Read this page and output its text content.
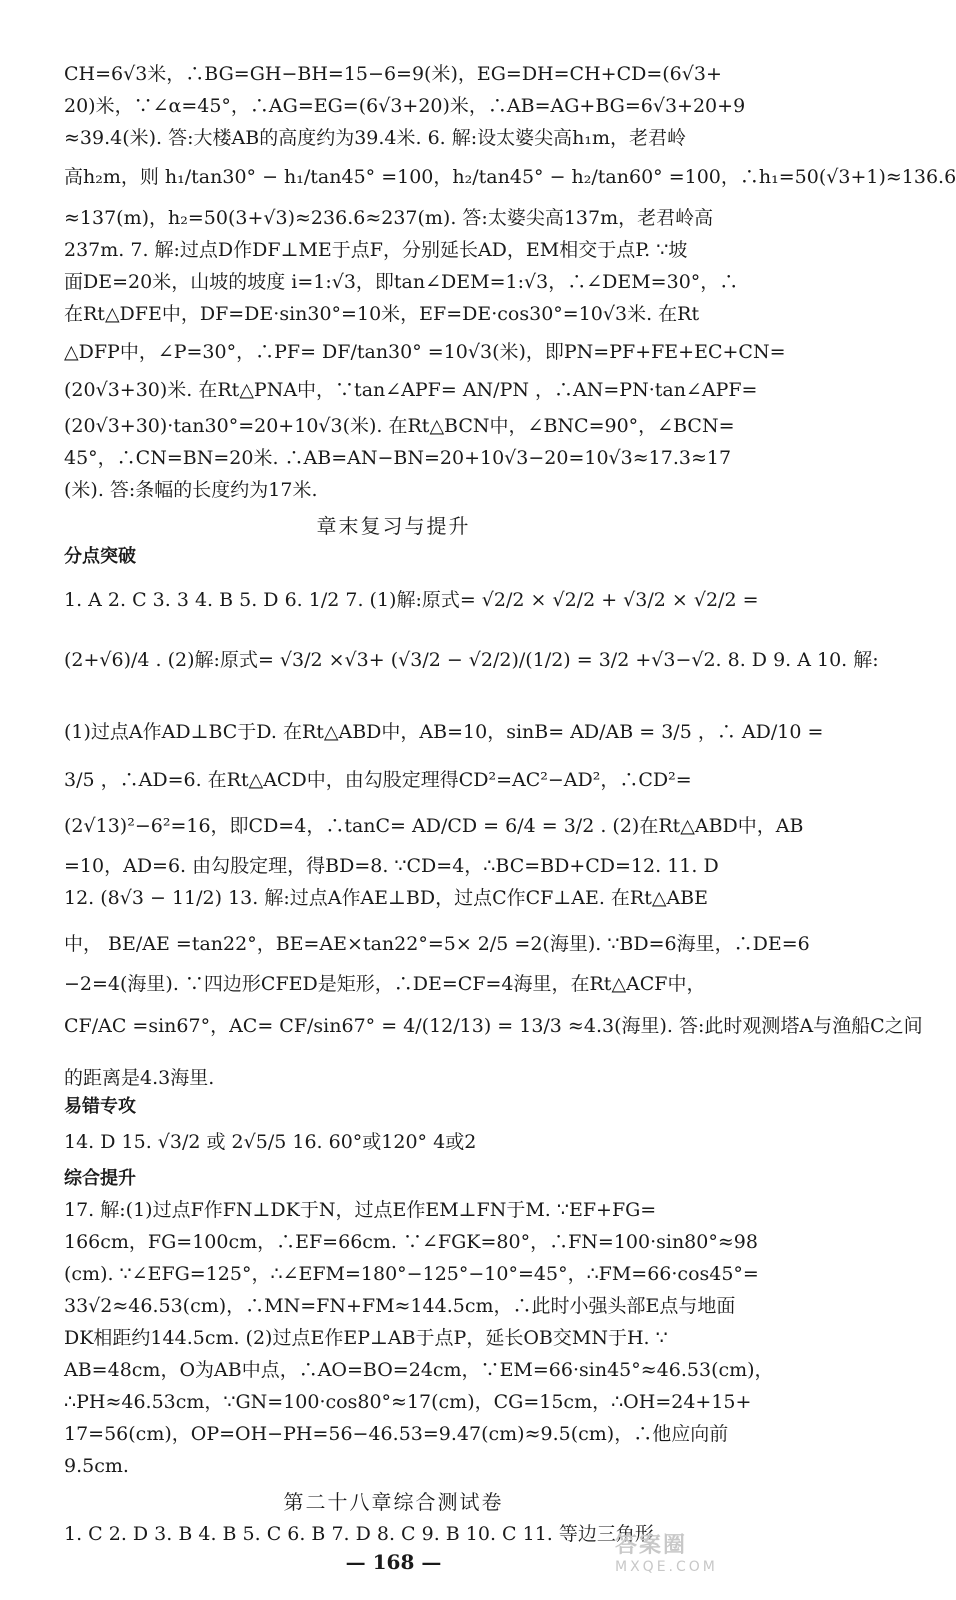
CH=6√3米，∴BG=GH−BH=15−6=9(米)，EG=DH=CH+CD=(6√3+
20)米，∵∠α=45°，∴AG=EG=(6√3+20)米，∴AB=AG+BG=6√3+20+9
≈39.4(米). 答:大楼AB的高度约为39.4米. 6. 解:设太婆尖高h₁m，老君岭
高h₂m，则 h₁/tan30° − h₁/tan45° =100，h₂/tan45° − h₂/tan60° =100，∴h₁=50(√3+1)≈136.6
≈137(m)，h₂=50(3+√3)≈236.6≈237(m). 答:太婆尖高137m，老君岭高
237m. 7. 解:过点D作DF⊥ME于点F，分别延长AD，EM相交于点P. ∵坡
面DE=20米，山坡的坡度 i=1:√3，即tan∠DEM=1:√3，∴∠DEM=30°，∴
在Rt△DFE中，DF=DE·sin30°=10米，EF=DE·cos30°=10√3米. 在Rt
△DFP中，∠P=30°，∴PF= DF/tan30° =10√3(米)，即PN=PF+FE+EC+CN=
(20√3+30)米. 在Rt△PNA中，∵tan∠APF= AN/PN ，∴AN=PN·tan∠APF=
(20√3+30)·tan30°=20+10√3(米). 在Rt△BCN中，∠BNC=90°，∠BCN=
45°，∴CN=BN=20米. ∴AB=AN−BN=20+10√3−20=10√3≈17.3≈17
(米). 答:条幅的长度约为17米.
章末复习与提升
分点突破
1. A 2. C 3. 3 4. B 5. D 6. 1/2 7. (1)解:原式= √2/2 × √2/2 + √3/2 × √2/2 =
(2+√6)/4 . (2)解:原式= √3/2 ×√3+ (√3/2 − √2/2)/(1/2) = 3/2 +√3−√2. 8. D 9. A 10. 解:
(1)过点A作AD⊥BC于D. 在Rt△ABD中，AB=10，sinB= AD/AB = 3/5 ，∴ AD/10 =
3/5 ，∴AD=6. 在Rt△ACD中，由勾股定理得CD²=AC²−AD²，∴CD²=
(2√13)²−6²=16，即CD=4，∴tanC= AD/CD = 6/4 = 3/2 . (2)在Rt△ABD中，AB
=10，AD=6. 由勾股定理，得BD=8. ∵CD=4，∴BC=BD+CD=12. 11. D
12. (8√3 − 11/2) 13. 解:过点A作AE⊥BD，过点C作CF⊥AE. 在Rt△ABE
中， BE/AE =tan22°，BE=AE×tan22°=5× 2/5 =2(海里). ∵BD=6海里，∴DE=6
−2=4(海里). ∵四边形CFED是矩形，∴DE=CF=4海里，在Rt△ACF中，
CF/AC =sin67°，AC= CF/sin67° = 4/(12/13) = 13/3 ≈4.3(海里). 答:此时观测塔A与渔船C之间
的距离是4.3海里.
易错专攻
14. D 15. √3/2 或 2√5/5 16. 60°或120° 4或2
综合提升
17. 解:(1)过点F作FN⊥DK于N，过点E作EM⊥FN于M. ∵EF+FG=
166cm，FG=100cm，∴EF=66cm. ∵∠FGK=80°，∴FN=100·sin80°≈98
(cm). ∵∠EFG=125°，∴∠EFM=180°−125°−10°=45°，∴FM=66·cos45°=
33√2≈46.53(cm)，∴MN=FN+FM≈144.5cm，∴此时小强头部E点与地面
DK相距约144.5cm. (2)过点E作EP⊥AB于点P，延长OB交MN于H. ∵
AB=48cm，O为AB中点，∴AO=BO=24cm，∵EM=66·sin45°≈46.53(cm)，
∴PH≈46.53cm，∵GN=100·cos80°≈17(cm)，CG=15cm，∴OH=24+15+
17=56(cm)，OP=OH−PH=56−46.53=9.47(cm)≈9.5(cm)，∴他应向前
9.5cm.
第二十八章综合测试卷
1. C 2. D 3. B 4. B 5. C 6. B 7. D 8. C 9. B 10. C 11. 等边三角形
— 168 —
答案圈
MXQE.COM
